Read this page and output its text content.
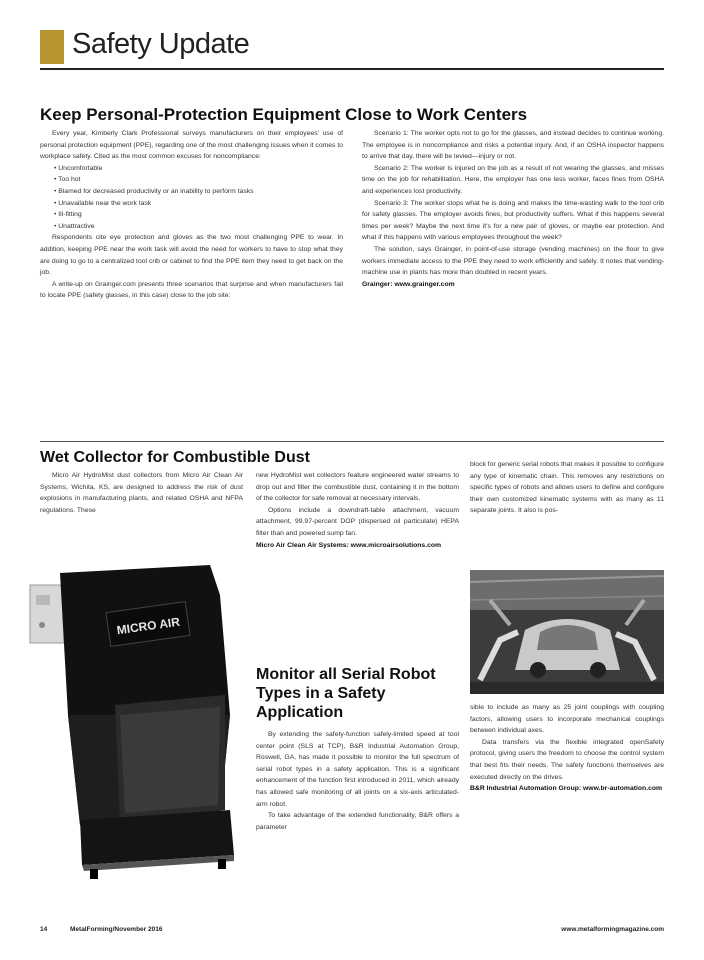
Safety Update
Keep Personal-Protection Equipment Close to Work Centers

Every year, Kimberly Clark Professional surveys manufacturers on their employees' use of personal protection equipment (PPE), regarding one of the most challenging issues when it comes to workplace safety. Cited as the most common excuses for noncompliance:

• Uncomfortable

• Too hot

• Blamed for decreased productivity or an inability to perform tasks

• Unavailable near the work task

• Ill-fitting

• Unattractive

Respondents cite eye protection and gloves as the two most challenging PPE to wear. In addition, keeping PPE near the work task will avoid the need for workers to have to stop what they are doing to go to a centralized tool crib or cabinet to find the PPE item they need to get back on the job.

A write-up on Grainger.com presents three scenarios that surprise and when manufacturers fail to locate PPE (safety glasses, in this case) close to the job site:

Scenario 1: The worker opts not to go for the glasses, and instead decides to continue working. The employee is in noncompliance and risks a potential injury. And, if an OSHA inspector happens to arrive that day, there will be levied—injury or not.

Scenario 2: The worker is injured on the job as a result of not wearing the glasses, and misses time on the job for rehabilitation. Here, the employer has one less worker, faces fines from OSHA and experiences lost productivity.

Scenario 3: The worker stops what he is doing and makes the time-wasting walk to the tool crib for safety glasses. The employer avoids fines, but productivity suffers. What if this happens several times per week? Maybe the next time it's for a new pair of gloves, or maybe ear protection. And what if this happens with various employees throughout the week?

The solution, says Grainger, in point-of-use storage (vending machines) on the floor to give workers immediate access to the PPE they need to work efficiently and safely. It notes that vending-machine use in plants has more than doubled in recent years.

Grainger: www.grainger.com

Wet Collector for Combustible Dust

Micro Air HydroMist dust collectors from Micro Air Clean Air Systems, Wichita, KS, are designed to address the risk of dust explosions in manufacturing plants, and related OSHA and NFPA regulations. These

new HydroMist wet collectors feature engineered water streams to drop out and filter the combustible dust, containing it in the bottom of the collector for safe removal at necessary intervals.

Options include a downdraft-table attachment, vacuum attachment, 99.97-percent DOP (dispersed oil particulate) HEPA filter than and powered sump fan.

Micro Air Clean Air Systems: www.microairsolutions.com

MICRO AIR
Monitor all Serial Robot Types in a Safety Application

By extending the safety-function safely-limited speed at tool center point (SLS at TCP), B&R Industrial Automation Group, Roswell, GA, has made it possible to monitor the full spectrum of serial robot types in a safety application. This is a significant enhancement of the function first introduced in 2011, which already has allowed safe monitoring of all joints on a six-axis articulated-arm robot.

To take advantage of the extended functionality, B&R offers a parameter

block for generic serial robots that makes it possible to configure any type of kinematic chain. This removes any restrictions on specific types of robots and allows users to define and configure their own customized kinematic systems with as many as 11 separate joints. It also is pos-

sible to include as many as 25 joint couplings with coupling factors, allowing users to incorporate mechanical couplings between individual axes.

Data transfers via the flexible integrated openSafety protocol, giving users the freedom to choose the control system that best fits their needs. The safety functions themselves are executed directly on the drives.

B&R Industrial Automation Group: www.br-automation.com

14	MetalForming/November 2016	www.metalformingmagazine.com
